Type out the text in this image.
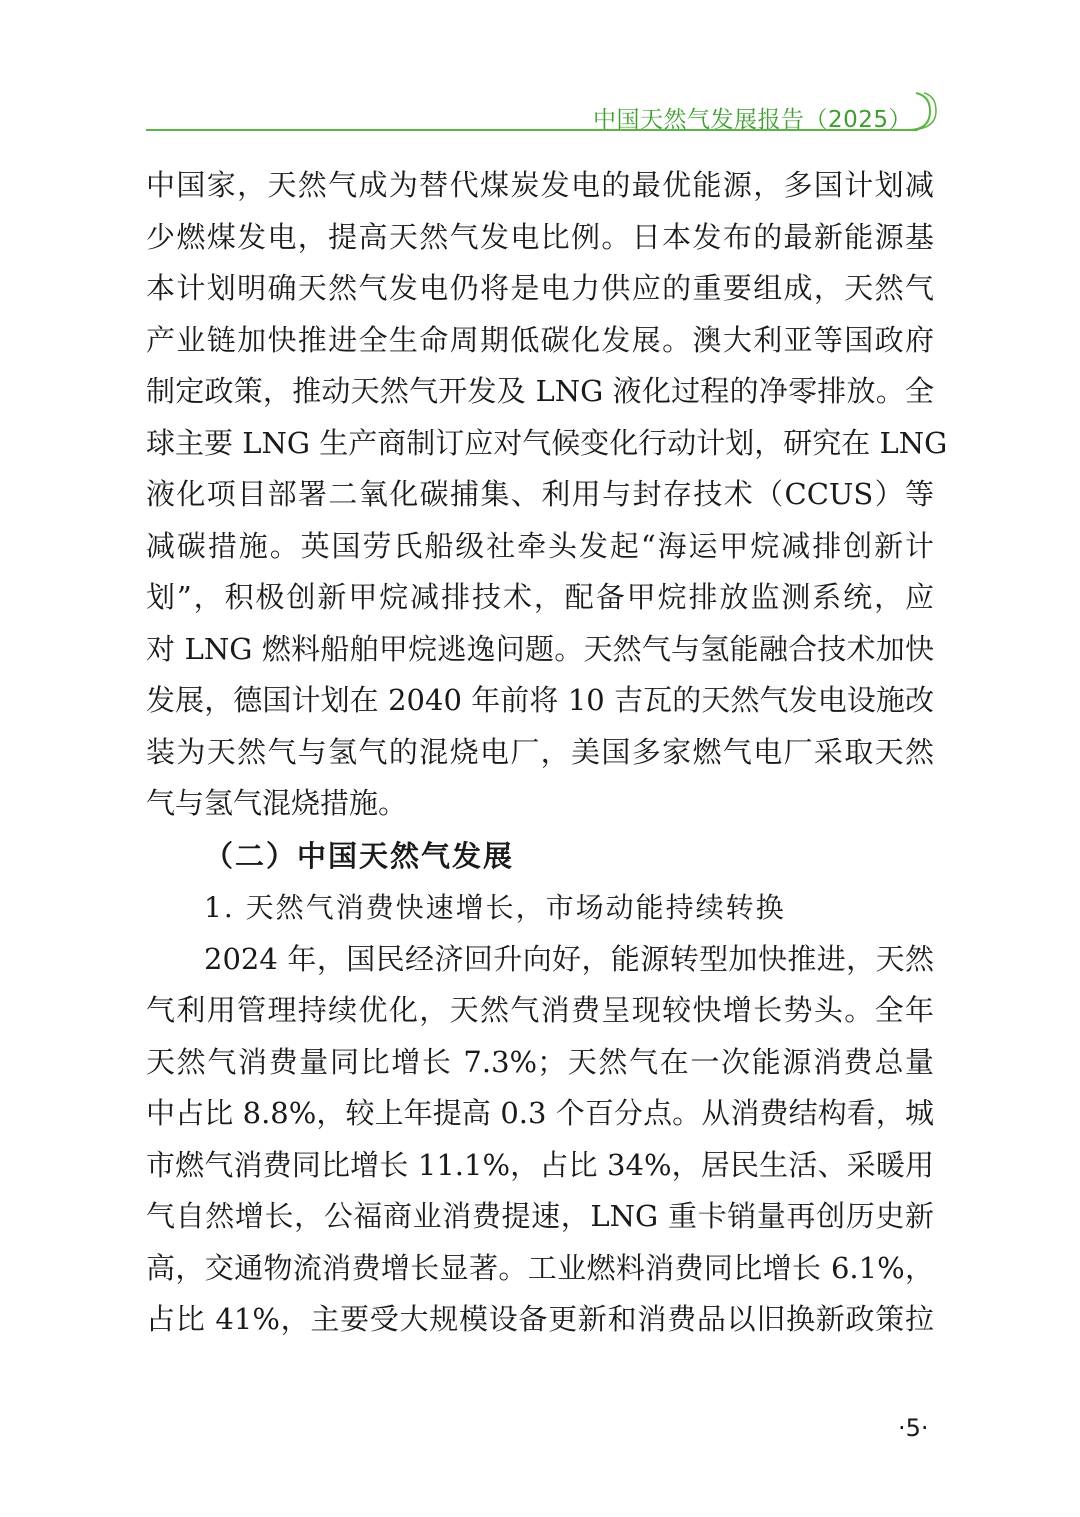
中国天然气发展报告（2025）
中国家，天然气成为替代煤炭发电的最优能源，多国计划减
少燃煤发电，提高天然气发电比例。日本发布的最新能源基
本计划明确天然气发电仍将是电力供应的重要组成，天然气
产业链加快推进全生命周期低碳化发展。澳大利亚等国政府
制定政策，推动天然气开发及 LNG 液化过程的净零排放。全
球主要 LNG 生产商制订应对气候变化行动计划，研究在 LNG
液化项目部署二氧化碳捕集、利用与封存技术（CCUS）等
减碳措施。英国劳氏船级社牵头发起“海运甲烷减排创新计
划”，积极创新甲烷减排技术，配备甲烷排放监测系统，应
对 LNG 燃料船舶甲烷逃逸问题。天然气与氢能融合技术加快
发展，德国计划在 2040 年前将 10 吉瓦的天然气发电设施改
装为天然气与氢气的混烧电厂，美国多家燃气电厂采取天然
气与氢气混烧措施。
（二）中国天然气发展
1. 天然气消费快速增长，市场动能持续转换
2024 年，国民经济回升向好，能源转型加快推进，天然
气利用管理持续优化，天然气消费呈现较快增长势头。全年
天然气消费量同比增长 7.3%；天然气在一次能源消费总量
中占比 8.8%，较上年提高 0.3 个百分点。从消费结构看，城
市燃气消费同比增长 11.1%，占比 34%，居民生活、采暖用
气自然增长，公福商业消费提速，LNG 重卡销量再创历史新
高，交通物流消费增长显著。工业燃料消费同比增长 6.1%，
占比 41%，主要受大规模设备更新和消费品以旧换新政策拉
·5·
